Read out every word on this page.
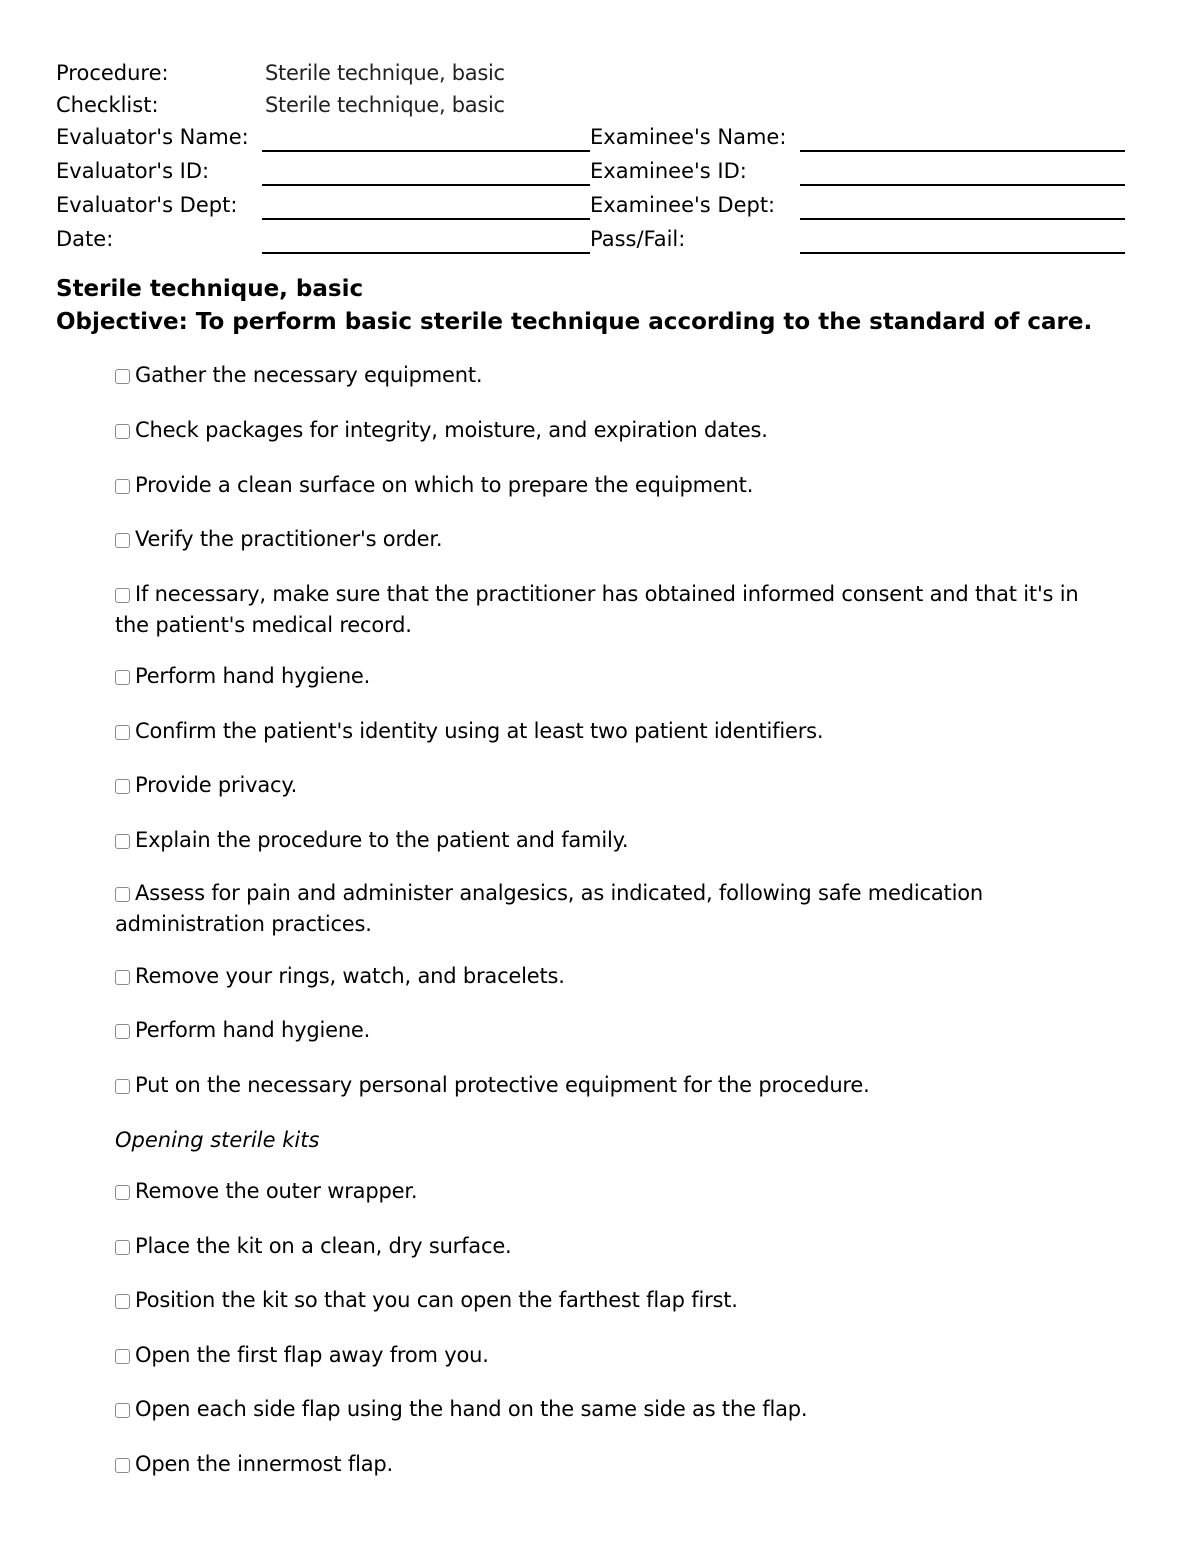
Procedure:	Sterile technique, basic
Checklist:	Sterile technique, basic
Evaluator's Name:	Examinee's Name:
Evaluator's ID:	Examinee's ID:
Evaluator's Dept:	Examinee's Dept:
Date:	Pass/Fail:
Sterile technique, basic
Objective: To perform basic sterile technique according to the standard of care.
Gather the necessary equipment.
Check packages for integrity, moisture, and expiration dates.
Provide a clean surface on which to prepare the equipment.
Verify the practitioner's order.
If necessary, make sure that the practitioner has obtained informed consent and that it's in the patient's medical record.
Perform hand hygiene.
Confirm the patient's identity using at least two patient identifiers.
Provide privacy.
Explain the procedure to the patient and family.
Assess for pain and administer analgesics, as indicated, following safe medication administration practices.
Remove your rings, watch, and bracelets.
Perform hand hygiene.
Put on the necessary personal protective equipment for the procedure.
Opening sterile kits
Remove the outer wrapper.
Place the kit on a clean, dry surface.
Position the kit so that you can open the farthest flap first.
Open the first flap away from you.
Open each side flap using the hand on the same side as the flap.
Open the innermost flap.
